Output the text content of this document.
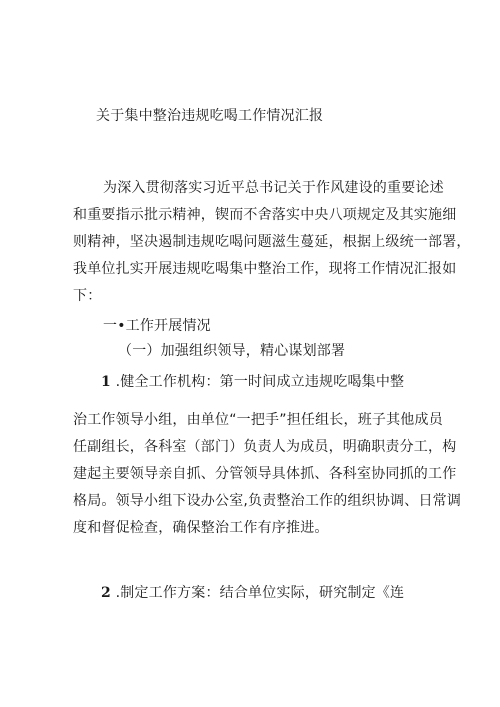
关于集中整治违规吃喝工作情况汇报
为深入贯彻落实习近平总书记关于作风建设的重要论述
和重要指示批示精神，锲而不舍落实中央八项规定及其实施细
则精神，坚决遏制违规吃喝问题滋生蔓延，根据上级统一部署，
我单位扎实开展违规吃喝集中整治工作，现将工作情况汇报如
下：
一•工作开展情况
（一）加强组织领导，精心谋划部署
1 .健全工作机构：第一时间成立违规吃喝集中整
治工作领导小组，由单位“一把手”担任组长，班子其他成员
任副组长，各科室（部门）负责人为成员，明确职责分工，构
建起主要领导亲自抓、分管领导具体抓、各科室协同抓的工作
格局。领导小组下设办公室,负责整治工作的组织协调、日常调
度和督促检查，确保整治工作有序推进。
2 .制定工作方案：结合单位实际，研究制定《连
